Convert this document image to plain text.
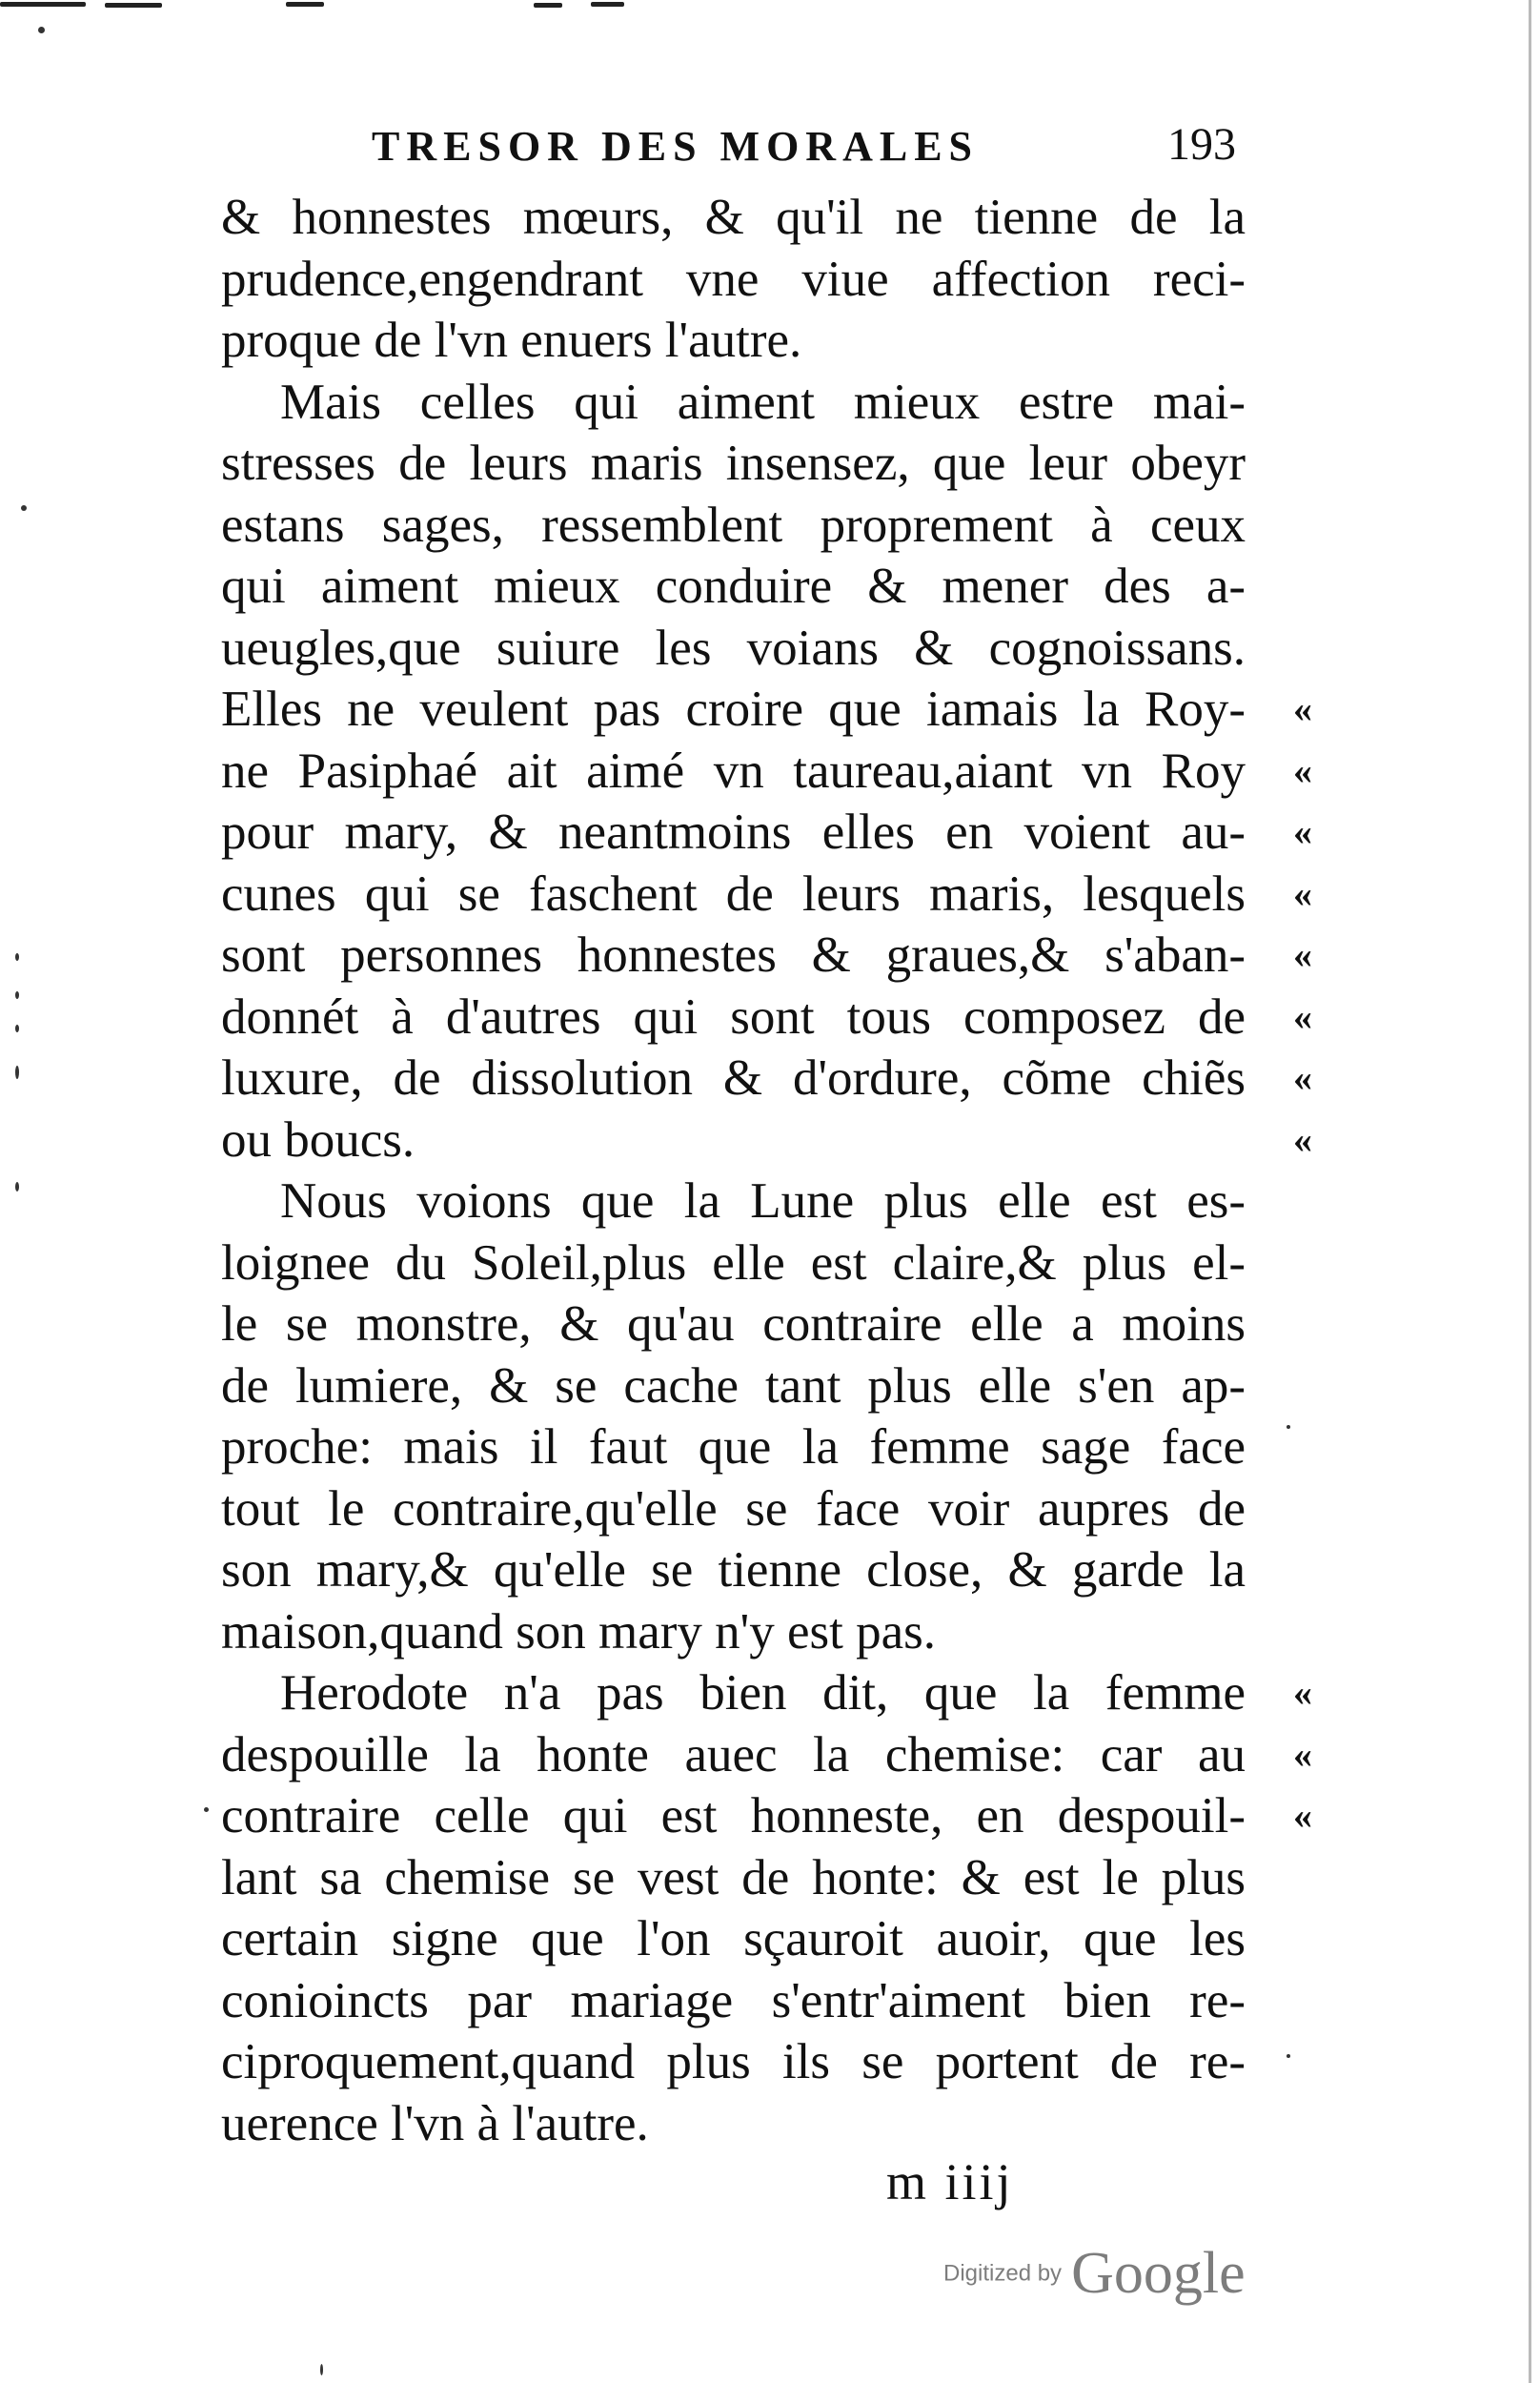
TRESOR DES MORALES	193
& honnestes mœurs, & qu'il ne tienne de la
prudence,engendrant vne viue affection reci-
proque de l'vn enuers l'autre.
Mais celles qui aiment mieux estre mai-
stresses de leurs maris insensez, que leur obeyr
estans sages, ressemblent proprement à ceux
qui aiment mieux conduire & mener des a-
ueugles,que suiure les voians & cognoissans.
Elles ne veulent pas croire que iamais la Roy- «
ne Pasiphaé ait aimé vn taureau,aiant vn Roy «
pour mary, & neantmoins elles en voient au- «
cunes qui se faschent de leurs maris, lesquels «
sont personnes honnestes & graues,& s'aban- «
donnét à d'autres qui sont tous composez de «
luxure, de dissolution & d'ordure, cõme chiẽs «
ou boucs.	«
Nous voions que la Lune plus elle est es-
loignee du Soleil,plus elle est claire,& plus el-
le se monstre, & qu'au contraire elle a moins
de lumiere, & se cache tant plus elle s'en ap-
proche: mais il faut que la femme sage face
tout le contraire,qu'elle se face voir aupres de
son mary,& qu'elle se tienne close, & garde la
maison,quand son mary n'y est pas.
Herodote n'a pas bien dit, que la femme «
despouille la honte auec la chemise: car au «
contraire celle qui est honneste, en despouil- «
lant sa chemise se vest de honte: & est le plus
certain signe que l'on sçauroit auoir, que les
conioincts par mariage s'entr'aiment bien re-
ciproquement,quand plus ils se portent de re-
uerence l'vn à l'autre.
m iiij
Digitized by Google
